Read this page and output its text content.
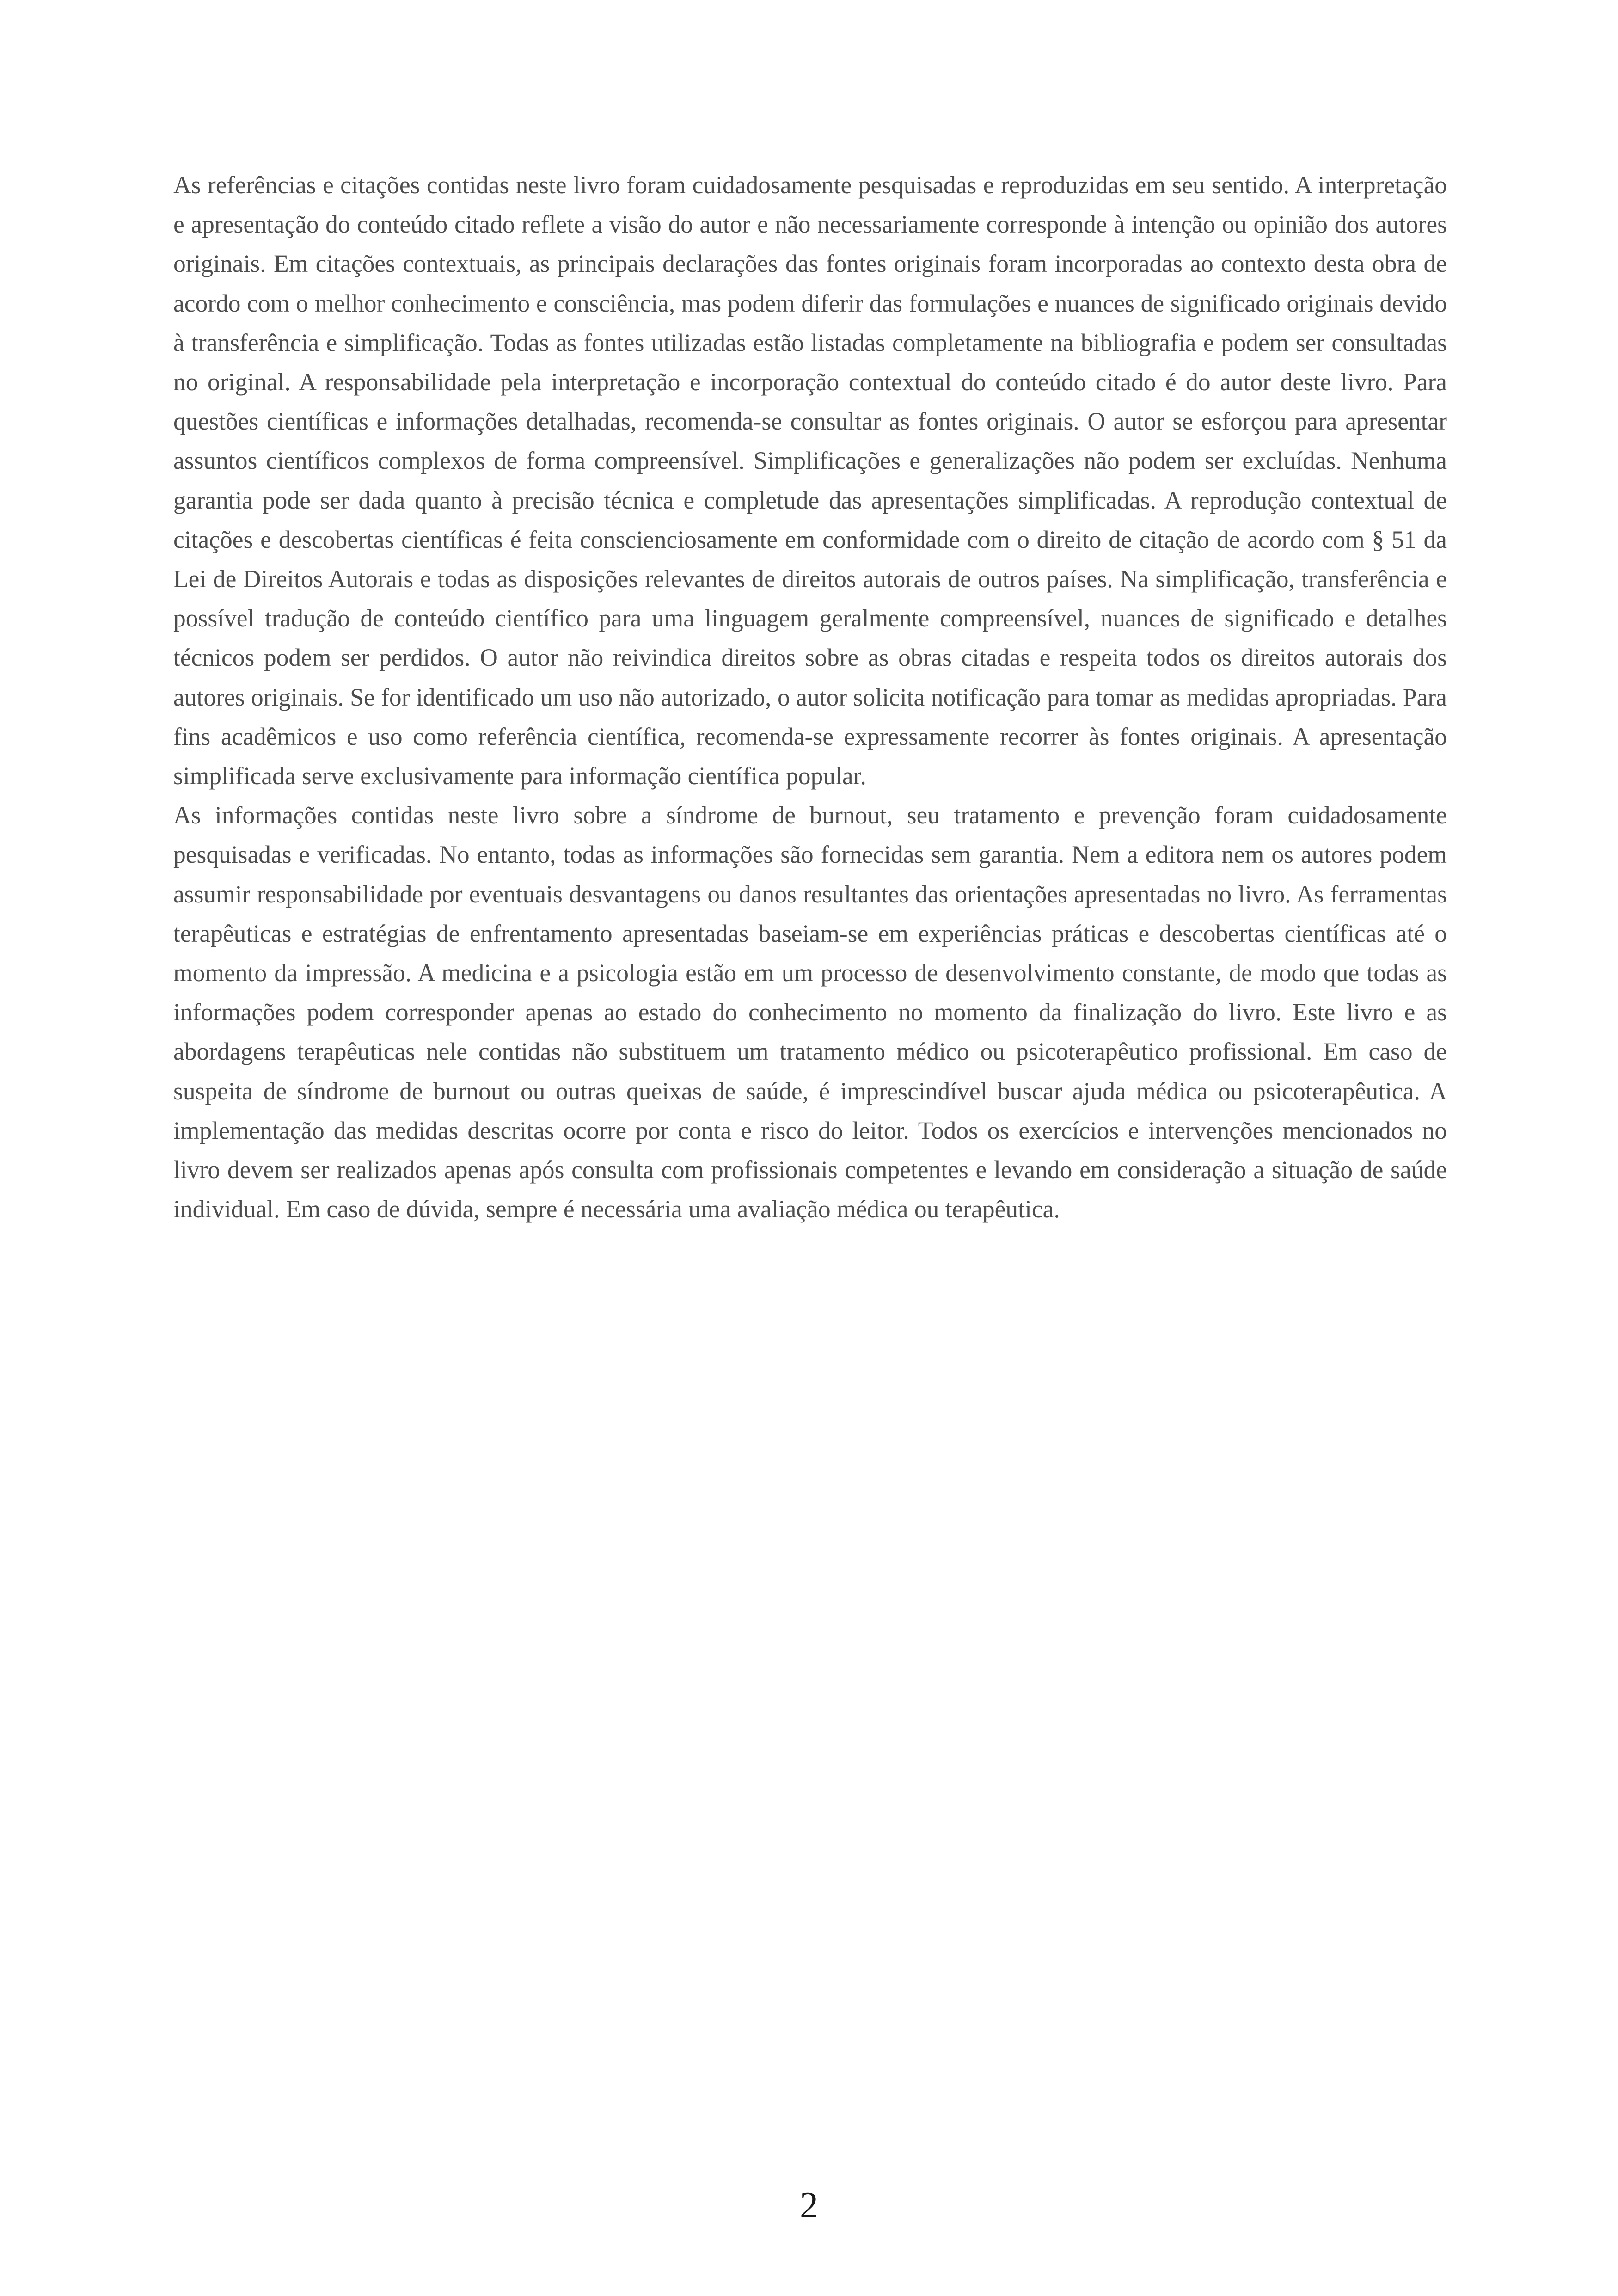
As referências e citações contidas neste livro foram cuidadosamente pesquisadas e reproduzidas em seu sentido. A interpretação e apresentação do conteúdo citado reflete a visão do autor e não necessariamente corresponde à intenção ou opinião dos autores originais. Em citações contextuais, as principais declarações das fontes originais foram incorporadas ao contexto desta obra de acordo com o melhor conhecimento e consciência, mas podem diferir das formulações e nuances de significado originais devido à transferência e simplificação. Todas as fontes utilizadas estão listadas completamente na bibliografia e podem ser consultadas no original. A responsabilidade pela interpretação e incorporação contextual do conteúdo citado é do autor deste livro. Para questões científicas e informações detalhadas, recomenda-se consultar as fontes originais. O autor se esforçou para apresentar assuntos científicos complexos de forma compreensível. Simplificações e generalizações não podem ser excluídas. Nenhuma garantia pode ser dada quanto à precisão técnica e completude das apresentações simplificadas. A reprodução contextual de citações e descobertas científicas é feita conscienciosamente em conformidade com o direito de citação de acordo com § 51 da Lei de Direitos Autorais e todas as disposições relevantes de direitos autorais de outros países. Na simplificação, transferência e possível tradução de conteúdo científico para uma linguagem geralmente compreensível, nuances de significado e detalhes técnicos podem ser perdidos. O autor não reivindica direitos sobre as obras citadas e respeita todos os direitos autorais dos autores originais. Se for identificado um uso não autorizado, o autor solicita notificação para tomar as medidas apropriadas. Para fins acadêmicos e uso como referência científica, recomenda-se expressamente recorrer às fontes originais. A apresentação simplificada serve exclusivamente para informação científica popular.

As informações contidas neste livro sobre a síndrome de burnout, seu tratamento e prevenção foram cuidadosamente pesquisadas e verificadas. No entanto, todas as informações são fornecidas sem garantia. Nem a editora nem os autores podem assumir responsabilidade por eventuais desvantagens ou danos resultantes das orientações apresentadas no livro. As ferramentas terapêuticas e estratégias de enfrentamento apresentadas baseiam-se em experiências práticas e descobertas científicas até o momento da impressão. A medicina e a psicologia estão em um processo de desenvolvimento constante, de modo que todas as informações podem corresponder apenas ao estado do conhecimento no momento da finalização do livro. Este livro e as abordagens terapêuticas nele contidas não substituem um tratamento médico ou psicoterapêutico profissional. Em caso de suspeita de síndrome de burnout ou outras queixas de saúde, é imprescindível buscar ajuda médica ou psicoterapêutica. A implementação das medidas descritas ocorre por conta e risco do leitor. Todos os exercícios e intervenções mencionados no livro devem ser realizados apenas após consulta com profissionais competentes e levando em consideração a situação de saúde individual. Em caso de dúvida, sempre é necessária uma avaliação médica ou terapêutica.

2
